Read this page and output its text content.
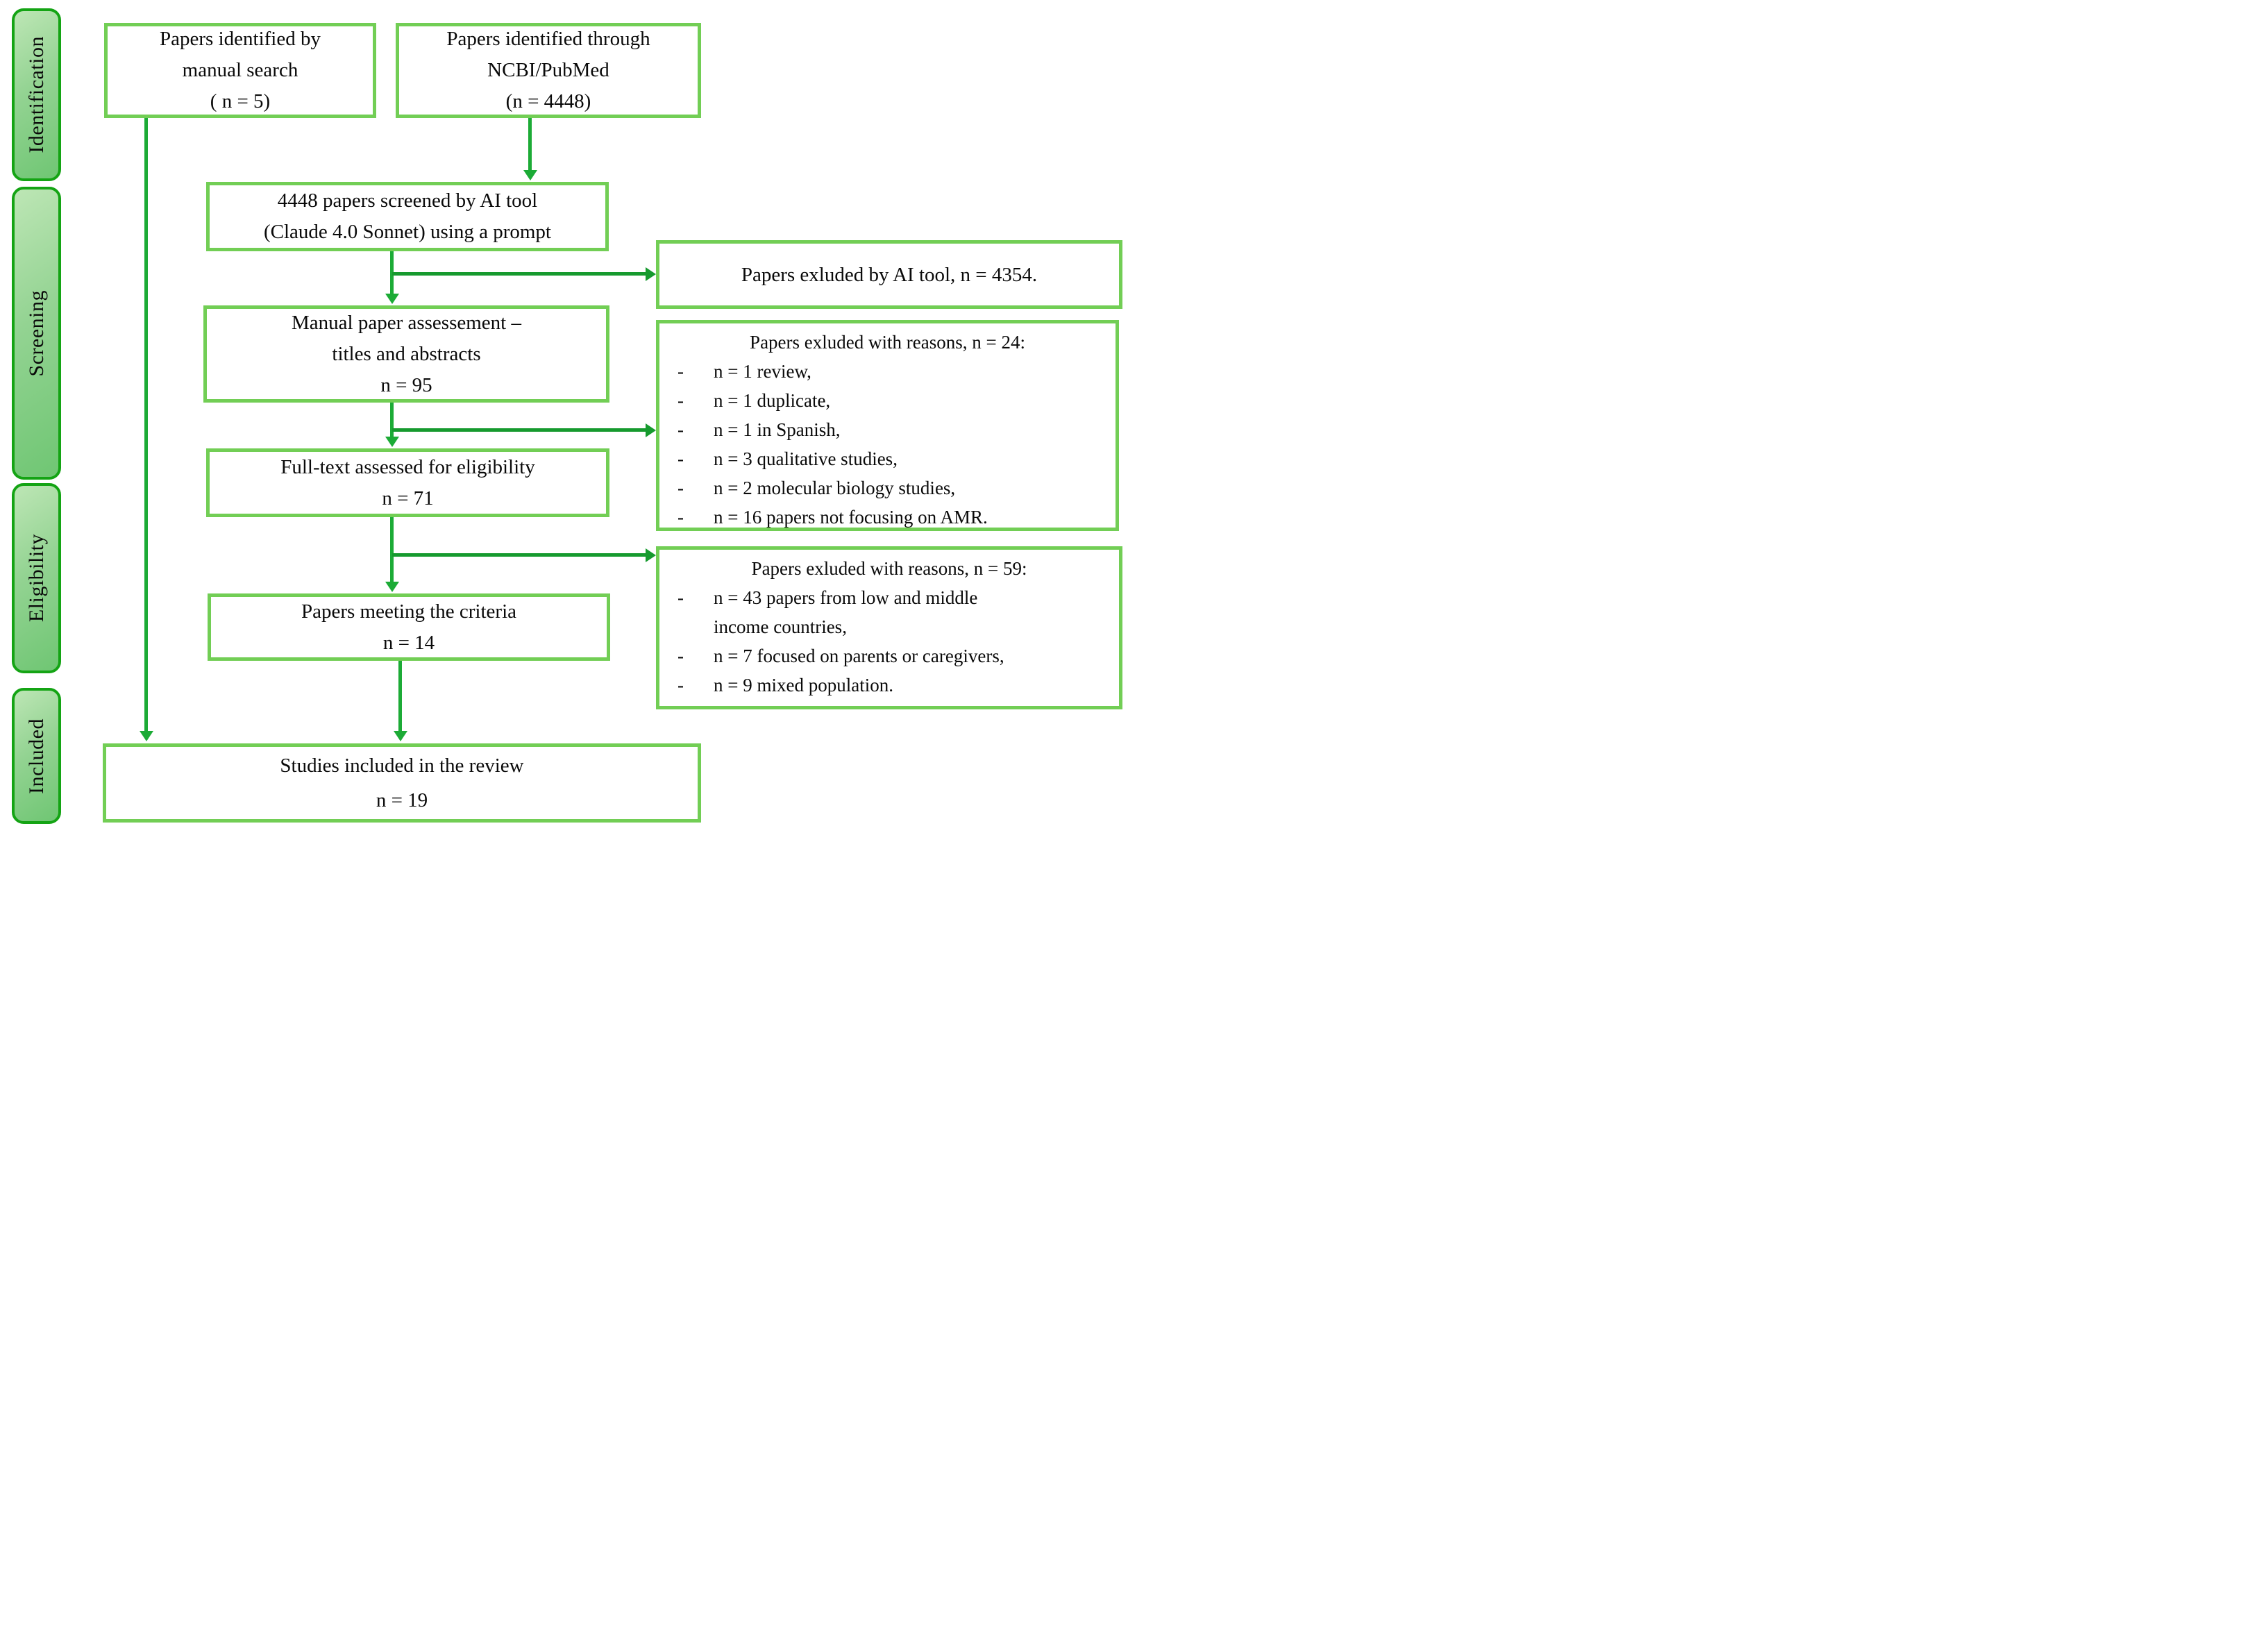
Identification
Screening
Eligibility
Included
Papers identified by
manual search
( n = 5)
Papers identified through
NCBI/PubMed
(n = 4448)
4448 papers screened by AI tool
(Claude 4.0 Sonnet) using a prompt
Manual paper assessement –
titles and abstracts
n = 95
Full-text assessed for eligibility
n = 71
Papers meeting the criteria
n = 14
Studies included in the review
n = 19
Papers exluded by AI tool, n = 4354.
Papers exluded with reasons, n = 24:
-	n = 1 review,
-	n = 1 duplicate,
-	n = 1 in Spanish,
-	n = 3 qualitative studies,
-	n = 2 molecular biology studies,
-	n = 16 papers not focusing on AMR.
Papers exluded with reasons, n = 59:
-	n = 43 papers from low and middle
income countries,
-	n = 7 focused on parents or caregivers,
-	n = 9 mixed population.
